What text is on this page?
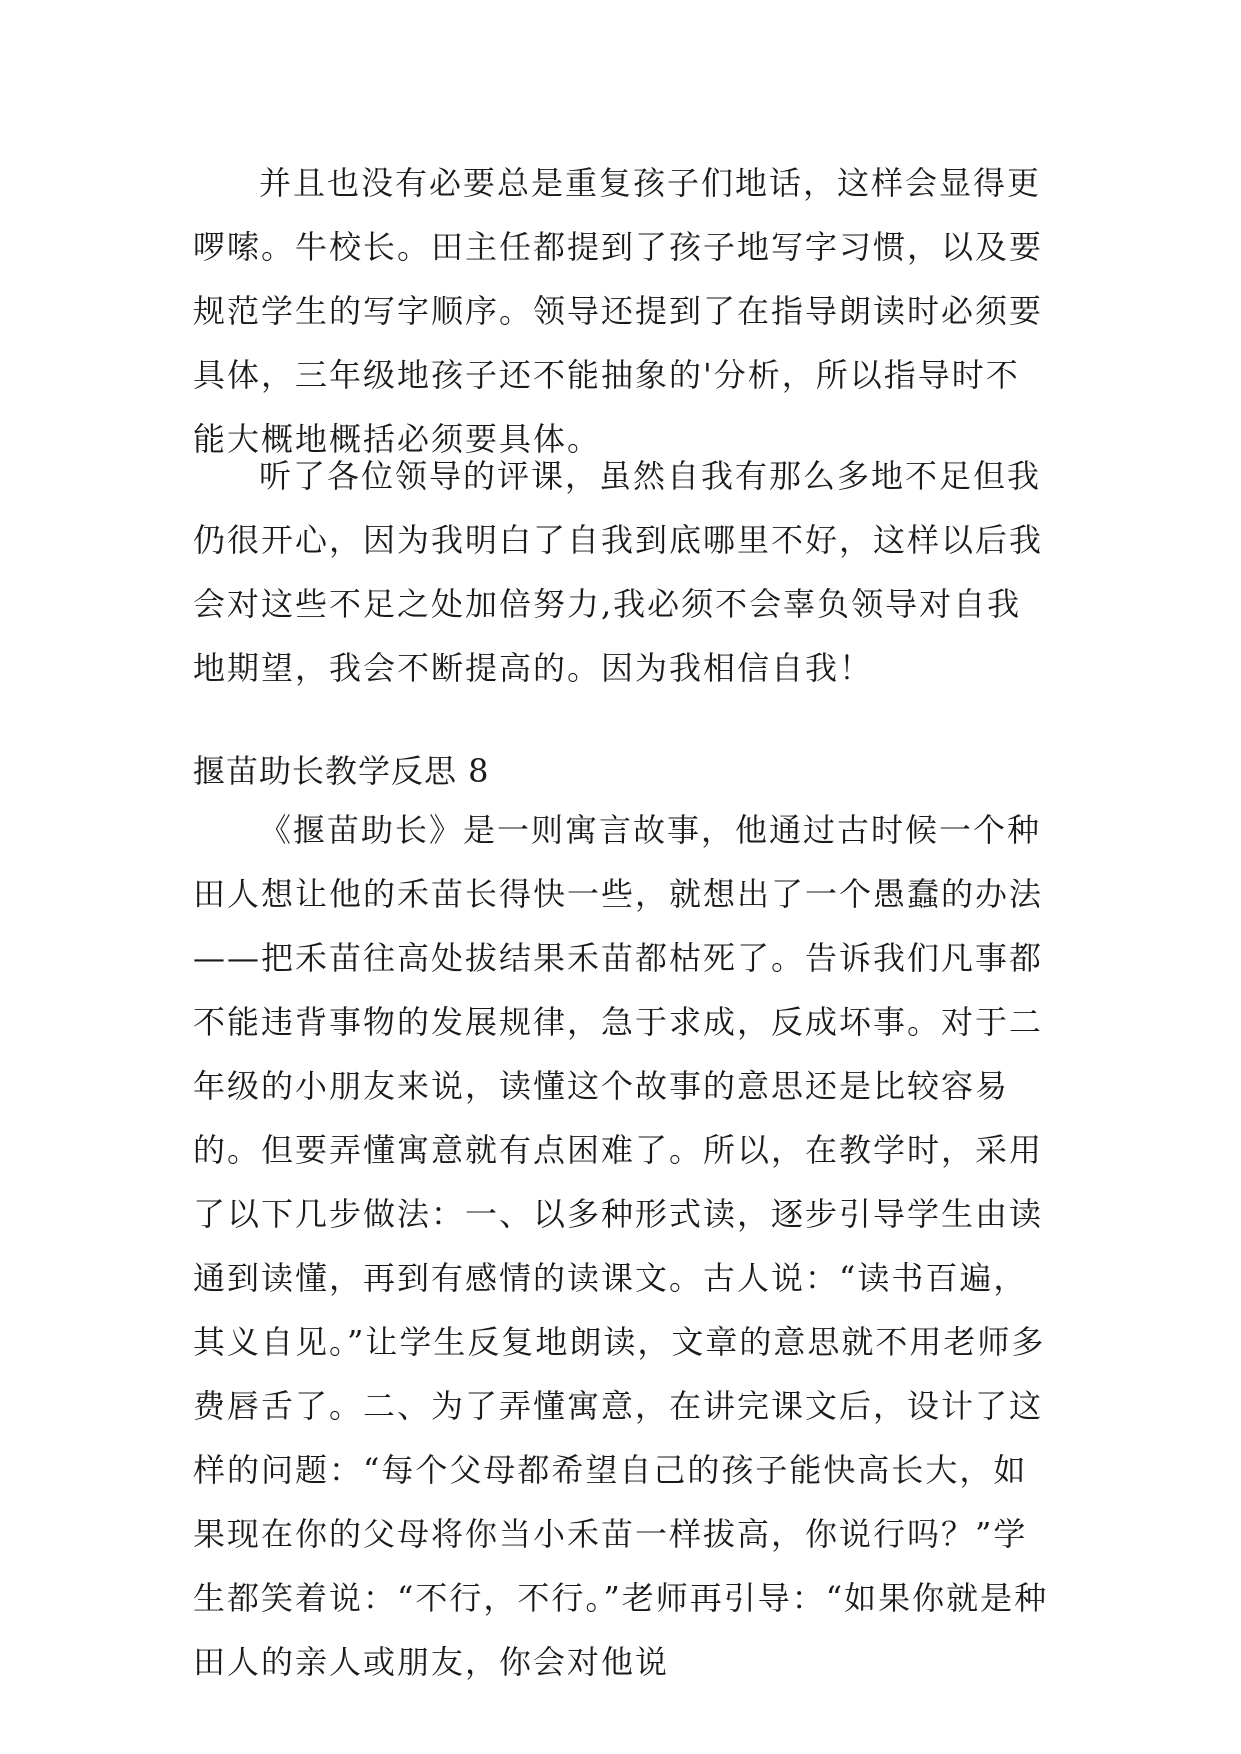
并且也没有必要总是重复孩子们地话，这样会显得更啰嗦。牛校长。田主任都提到了孩子地写字习惯，以及要规范学生的写字顺序。领导还提到了在指导朗读时必须要具体，三年级地孩子还不能抽象的'分析，所以指导时不能大概地概括必须要具体。

听了各位领导的评课，虽然自我有那么多地不足但我仍很开心，因为我明白了自我到底哪里不好，这样以后我会对这些不足之处加倍努力,我必须不会辜负领导对自我地期望，我会不断提高的。因为我相信自我！

揠苗助长教学反思 8

《揠苗助长》是一则寓言故事，他通过古时候一个种田人想让他的禾苗长得快一些，就想出了一个愚蠢的办法——把禾苗往高处拔结果禾苗都枯死了。告诉我们凡事都不能违背事物的发展规律，急于求成，反成坏事。对于二年级的小朋友来说，读懂这个故事的意思还是比较容易的。但要弄懂寓意就有点困难了。所以，在教学时，采用了以下几步做法：一、以多种形式读，逐步引导学生由读通到读懂，再到有感情的读课文。古人说：“读书百遍，其义自见。”让学生反复地朗读，文章的意思就不用老师多费唇舌了。二、为了弄懂寓意，在讲完课文后，设计了这样的问题：“每个父母都希望自己的孩子能快高长大，如果现在你的父母将你当小禾苗一样拔高，你说行吗？”学生都笑着说：“不行，不行。”老师再引导：“如果你就是种田人的亲人或朋友，你会对他说
